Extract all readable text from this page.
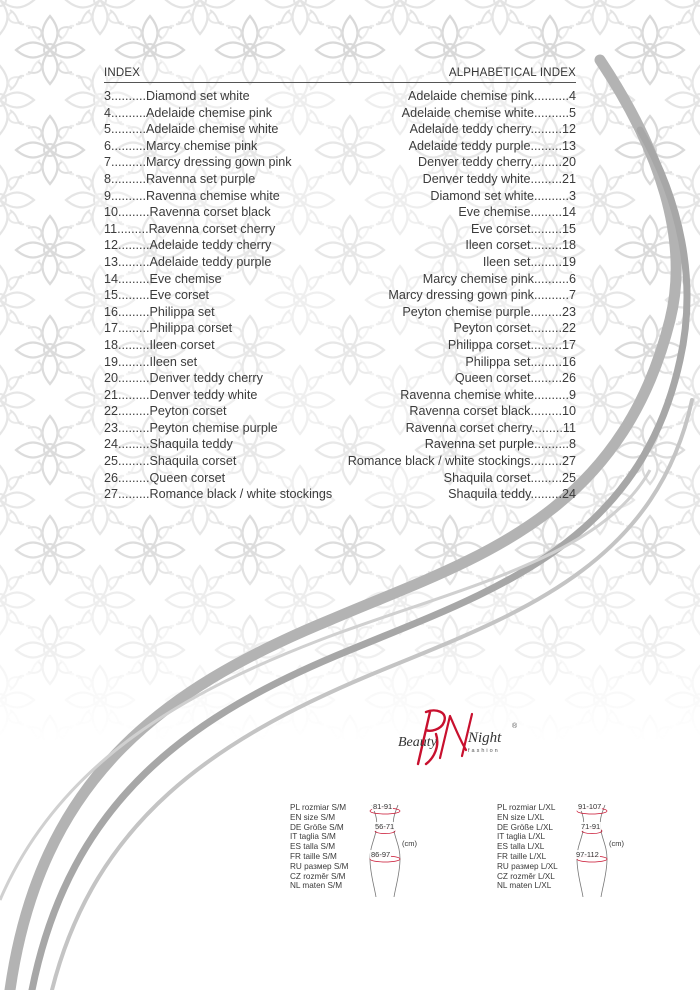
INDEX	ALPHABETICAL INDEX
3..........Diamond set white
4..........Adelaide chemise pink
5..........Adelaide chemise white
6..........Marcy chemise pink
7..........Marcy dressing gown pink
8..........Ravenna set purple
9..........Ravenna chemise white
10.........Ravenna corset black
11.........Ravenna corset cherry
12.........Adelaide teddy cherry
13.........Adelaide teddy purple
14.........Eve chemise
15.........Eve corset
16.........Philippa set
17.........Philippa corset
18.........Ileen corset
19.........Ileen set
20.........Denver teddy cherry
21.........Denver teddy white
22.........Peyton corset
23.........Peyton chemise purple
24.........Shaquila teddy
25.........Shaquila corset
26.........Queen corset
27.........Romance black / white stockings
Adelaide chemise pink..........4
Adelaide chemise white..........5
Adelaide teddy cherry.........12
Adelaide teddy purple.........13
Denver teddy cherry.........20
Denver teddy white.........21
Diamond set white..........3
Eve chemise.........14
Eve corset.........15
Ileen corset.........18
Ileen set.........19
Marcy chemise pink..........6
Marcy dressing gown pink..........7
Peyton chemise purple.........23
Peyton corset.........22
Philippa corset.........17
Philippa set.........16
Queen corset.........26
Ravenna chemise white..........9
Ravenna corset black.........10
Ravenna corset cherry.........11
Ravenna set purple..........8
Romance black / white stockings.........27
Shaquila corset.........25
Shaquila teddy.........24
Beauty Night
fashion
®
PL rozmiar S/M
EN size S/M
DE Größe S/M
IT taglia S/M
ES talla S/M
FR taille S/M
RU размер S/M
CZ rozměr S/M
NL maten S/M
81-91
56-71
86-97
(cm)
PL rozmiar L/XL
EN size L/XL
DE Größe L/XL
IT taglia L/XL
ES talla L/XL
FR taille L/XL
RU размер L/XL
CZ rozměr L/XL
NL maten L/XL
91-107
71-91
97-112
(cm)
